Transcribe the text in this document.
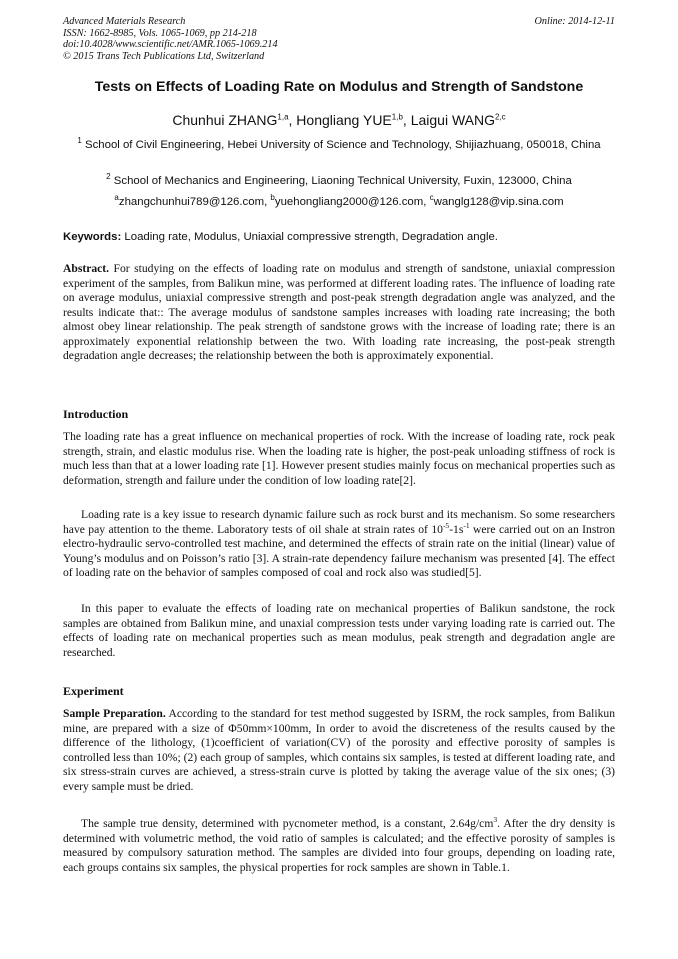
Advanced Materials Research
ISSN: 1662-8985, Vols. 1065-1069, pp 214-218
doi:10.4028/www.scientific.net/AMR.1065-1069.214
© 2015 Trans Tech Publications Ltd, Switzerland
Online: 2014-12-11
Tests on Effects of Loading Rate on Modulus and Strength of Sandstone
Chunhui ZHANG$^{1,a}$, Hongliang YUE$^{1,b}$, Laigui WANG$^{2,c}$
$^1$ School of Civil Engineering, Hebei University of Science and Technology, Shijiazhuang, 050018, China
$^2$ School of Mechanics and Engineering, Liaoning Technical University, Fuxin, 123000, China
$^a$zhangchunhui789@126.com, $^b$yuehongliang2000@126.com, $^c$wanglg128@vip.sina.com
Keywords: Loading rate, Modulus, Uniaxial compressive strength, Degradation angle.
Abstract. For studying on the effects of loading rate on modulus and strength of sandstone, uniaxial compression experiment of the samples, from Balikun mine, was performed at different loading rates. The influence of loading rate on average modulus, uniaxial compressive strength and post-peak strength degradation angle was analyzed, and the results indicate that:: The average modulus of sandstone samples increases with loading rate increasing; the both almost obey linear relationship. The peak strength of sandstone grows with the increase of loading rate; there is an approximately exponential relationship between the two. With loading rate increasing, the post-peak strength degradation angle decreases; the relationship between the both is approximately exponential.
Introduction
The loading rate has a great influence on mechanical properties of rock. With the increase of loading rate, rock peak strength, strain, and elastic modulus rise. When the loading rate is higher, the post-peak unloading stiffness of rock is much less than that at a lower loading rate [1]. However present studies mainly focus on mechanical properties such as deformation, strength and failure under the condition of low loading rate[2].
Loading rate is a key issue to research dynamic failure such as rock burst and its mechanism. So some researchers have pay attention to the theme. Laboratory tests of oil shale at strain rates of $10^{-5}-1s^{-1}$ were carried out on an Instron electro-hydraulic servo-controlled test machine, and determined the effects of strain rate on the initial (linear) value of Young’s modulus and on Poisson’s ratio [3]. A strain-rate dependency failure mechanism was presented [4]. The effect of loading rate on the behavior of samples composed of coal and rock also was studied[5].
In this paper to evaluate the effects of loading rate on mechanical properties of Balikun sandstone, the rock samples are obtained from Balikun mine, and unaxial compression tests under varying loading rate is carried out. The effects of loading rate on mechanical properties such as mean modulus, peak strength and degradation angle are researched.
Experiment
Sample Preparation. According to the standard for test method suggested by ISRM, the rock samples, from Balikun mine, are prepared with a size of Φ50mm×100mm, In order to avoid the discreteness of the results caused by the difference of the lithology, (1)coefficient of variation(CV) of the porosity and effective porosity of samples is controlled less than 10%; (2) each group of samples, which contains six samples, is tested at different loading rate, and six stress-strain curves are achieved, a stress-strain curve is plotted by taking the average value of the six ones; (3) every sample must be dried.
The sample true density, determined with pycnometer method, is a constant, $2.64g/cm^3$. After the dry density is determined with volumetric method, the void ratio of samples is calculated; and the effective porosity of samples is measured by compulsory saturation method. The samples are divided into four groups, depending on loading rate, each groups contains six samples, the physical properties for rock samples are shown in Table.1.
